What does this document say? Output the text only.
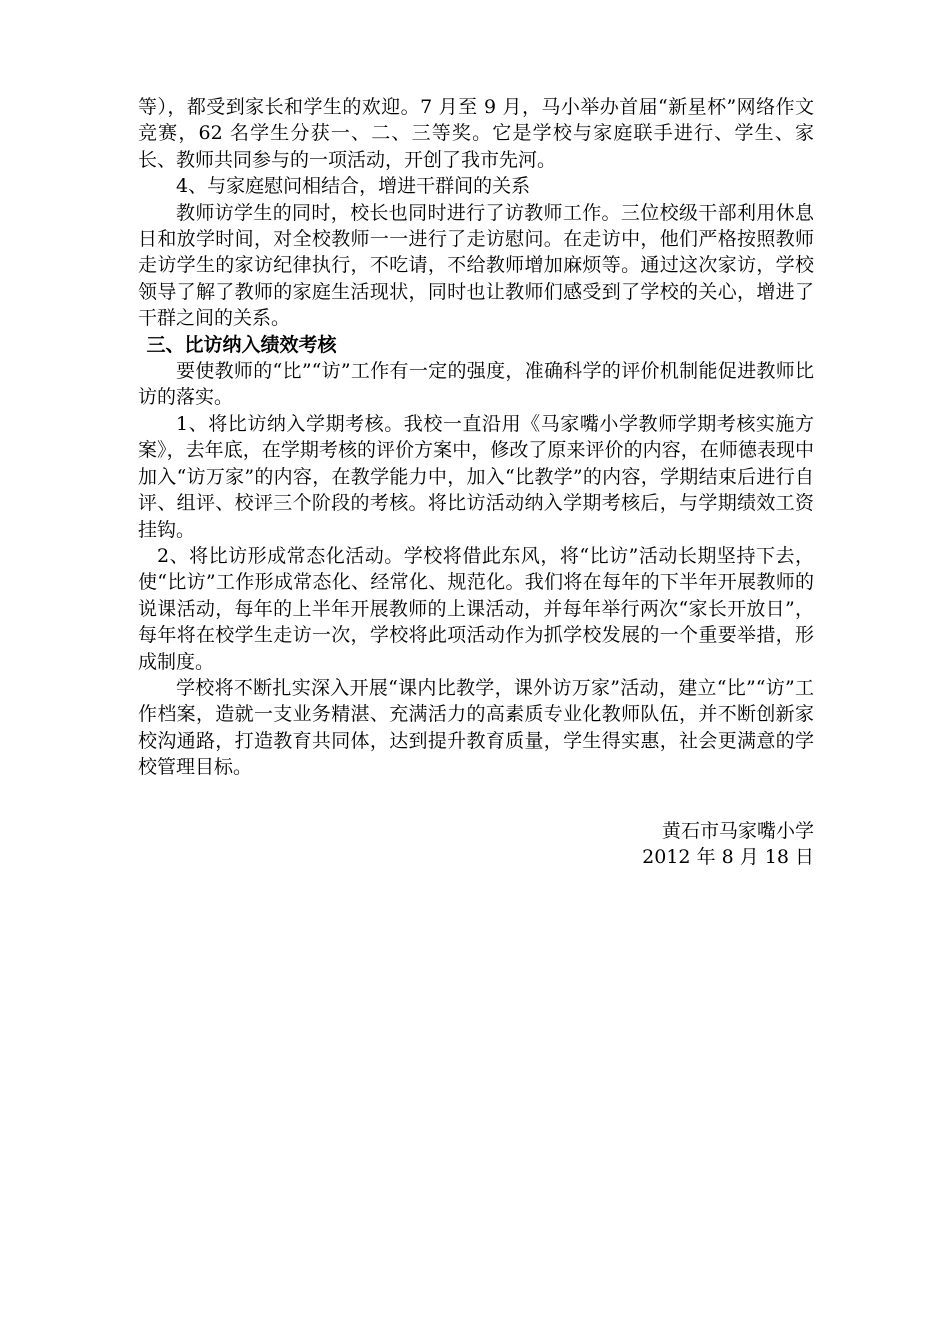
等），都受到家长和学生的欢迎。7 月至 9 月，马小举办首届“新星杯”网络作文竞赛，62 名学生分获一、二、三等奖。它是学校与家庭联手进行、学生、家长、教师共同参与的一项活动，开创了我市先河。

4、与家庭慰问相结合，增进干群间的关系

教师访学生的同时，校长也同时进行了访教师工作。三位校级干部利用休息日和放学时间，对全校教师一一进行了走访慰问。在走访中，他们严格按照教师走访学生的家访纪律执行，不吃请，不给教师增加麻烦等。通过这次家访，学校领导了解了教师的家庭生活现状，同时也让教师们感受到了学校的关心，增进了干群之间的关系。

三、比访纳入绩效考核

要使教师的“比”“访”工作有一定的强度，准确科学的评价机制能促进教师比访的落实。

1、将比访纳入学期考核。我校一直沿用《马家嘴小学教师学期考核实施方案》，去年底，在学期考核的评价方案中，修改了原来评价的内容，在师德表现中加入“访万家”的内容，在教学能力中，加入“比教学”的内容，学期结束后进行自评、组评、校评三个阶段的考核。将比访活动纳入学期考核后，与学期绩效工资挂钩。

2、将比访形成常态化活动。学校将借此东风，将“比访”活动长期坚持下去，使“比访”工作形成常态化、经常化、规范化。我们将在每年的下半年开展教师的说课活动，每年的上半年开展教师的上课活动，并每年举行两次“家长开放日”，每年将在校学生走访一次，学校将此项活动作为抓学校发展的一个重要举措，形成制度。

学校将不断扎实深入开展“课内比教学，课外访万家”活动，建立“比”“访”工作档案，造就一支业务精湛、充满活力的高素质专业化教师队伍，并不断创新家校沟通路，打造教育共同体，达到提升教育质量，学生得实惠，社会更满意的学校管理目标。

黄石市马家嘴小学
2012 年 8 月 18 日
